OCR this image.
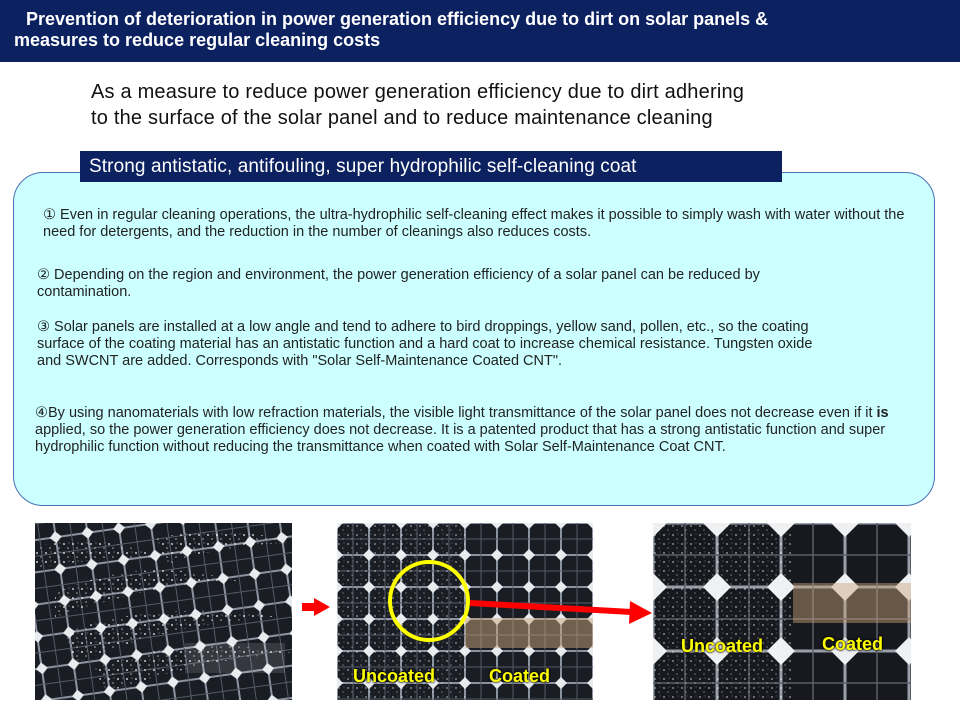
Prevention of deterioration in power generation efficiency due to dirt on solar panels &
measures to reduce regular cleaning costs
As a measure to reduce power generation efficiency due to dirt adhering
to the surface of the solar panel and to reduce maintenance cleaning
Strong antistatic, antifouling, super hydrophilic self-cleaning coat
① Even in regular cleaning operations, the ultra-hydrophilic self-cleaning effect makes it possible to simply wash with water without the need for detergents, and the reduction in the number of cleanings also reduces costs.
② Depending on the region and environment, the power generation efficiency of a solar panel can be reduced by contamination.
③ Solar panels are installed at a low angle and tend to adhere to bird droppings, yellow sand, pollen, etc., so the coating surface of the coating material has an antistatic function and a hard coat to increase chemical resistance. Tungsten oxide and SWCNT are added. Corresponds with "Solar Self-Maintenance Coated CNT".
④By using nanomaterials with low refraction materials, the visible light transmittance of the solar panel does not decrease even if it is applied, so the power generation efficiency does not decrease. It is a patented product that has a strong antistatic function and super hydrophilic function without reducing the transmittance when coated with Solar Self-Maintenance Coat CNT.
Uncoated	Coated
Uncoated	Coated
